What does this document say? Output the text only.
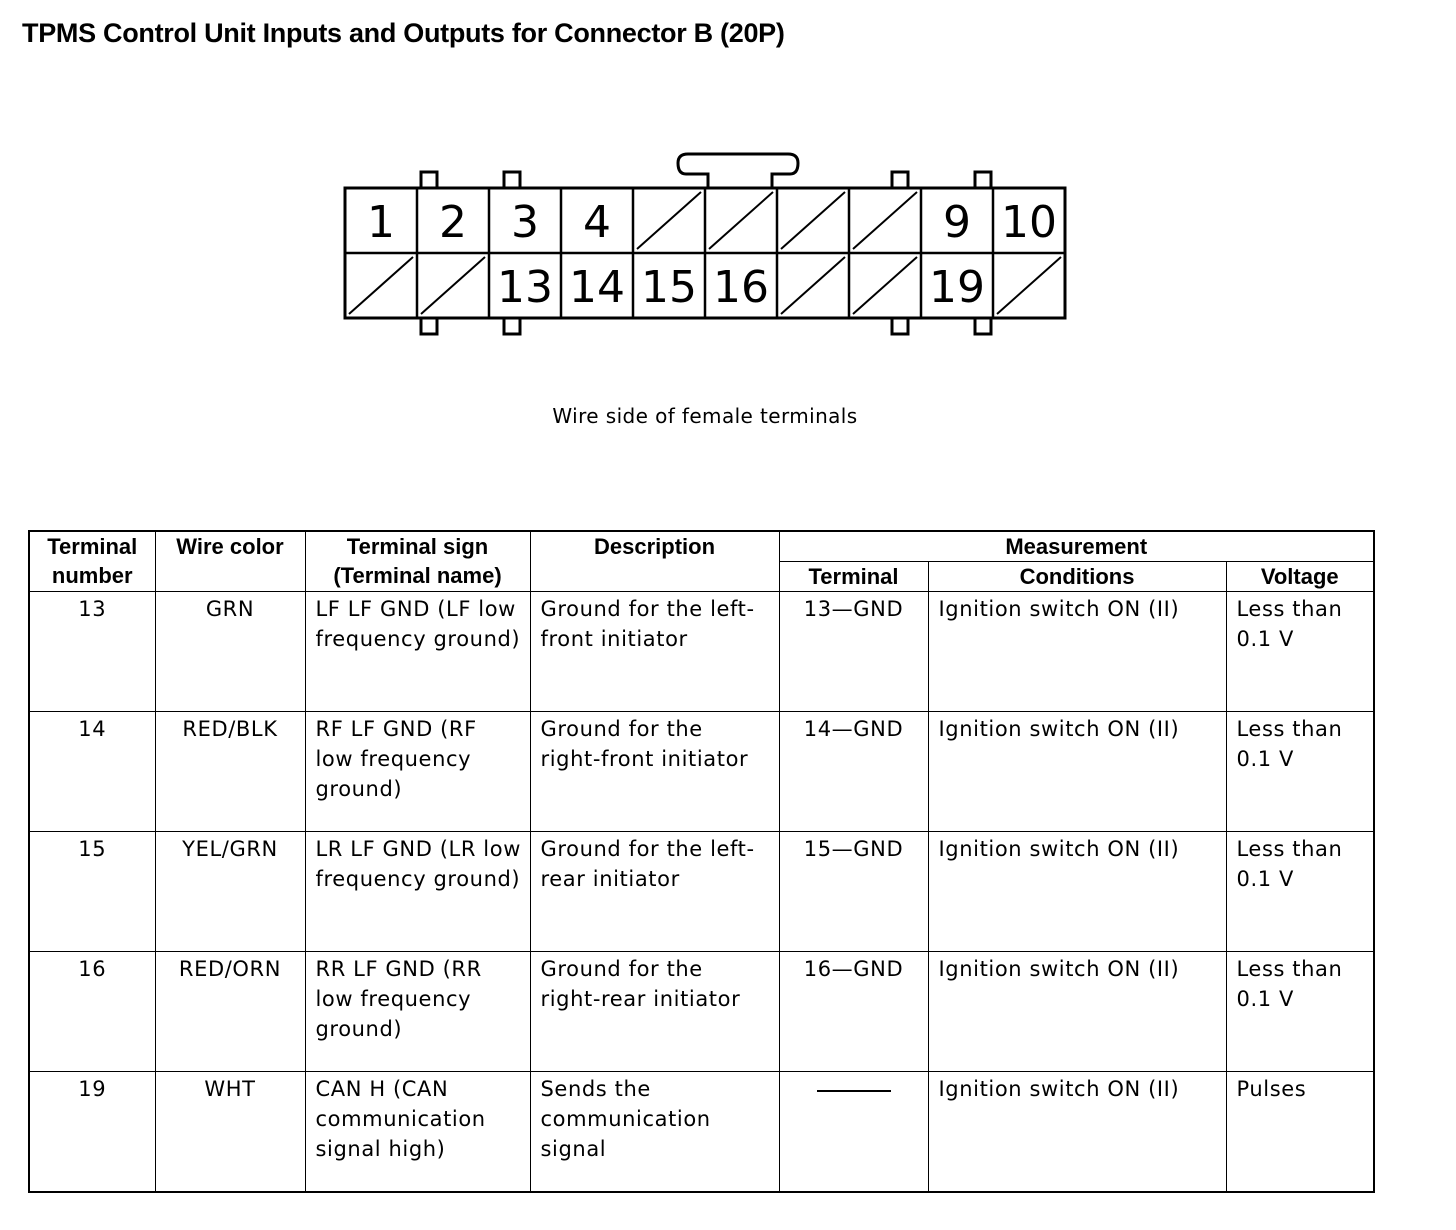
TPMS Control Unit Inputs and Outputs for Connector B (20P)
1 2 3 4	9 10
13 14 15 16	19
Wire side of female terminals
Terminal number	Wire color	Terminal sign (Terminal name)	Description	Measurement		
				Terminal	Conditions	Voltage
13	GRN	LF LF GND (LF low frequency ground)	Ground for the left-front initiator	13—GND	Ignition switch ON (II)	Less than 0.1 V
14	RED/BLK	RF LF GND (RF low frequency ground)	Ground for the right-front initiator	14—GND	Ignition switch ON (II)	Less than 0.1 V
15	YEL/GRN	LR LF GND (LR low frequency ground)	Ground for the left-rear initiator	15—GND	Ignition switch ON (II)	Less than 0.1 V
16	RED/ORN	RR LF GND (RR low frequency ground)	Ground for the right-rear initiator	16—GND	Ignition switch ON (II)	Less than 0.1 V
19	WHT	CAN H (CAN communication signal high)	Sends the communication signal		Ignition switch ON (II)	Pulses
